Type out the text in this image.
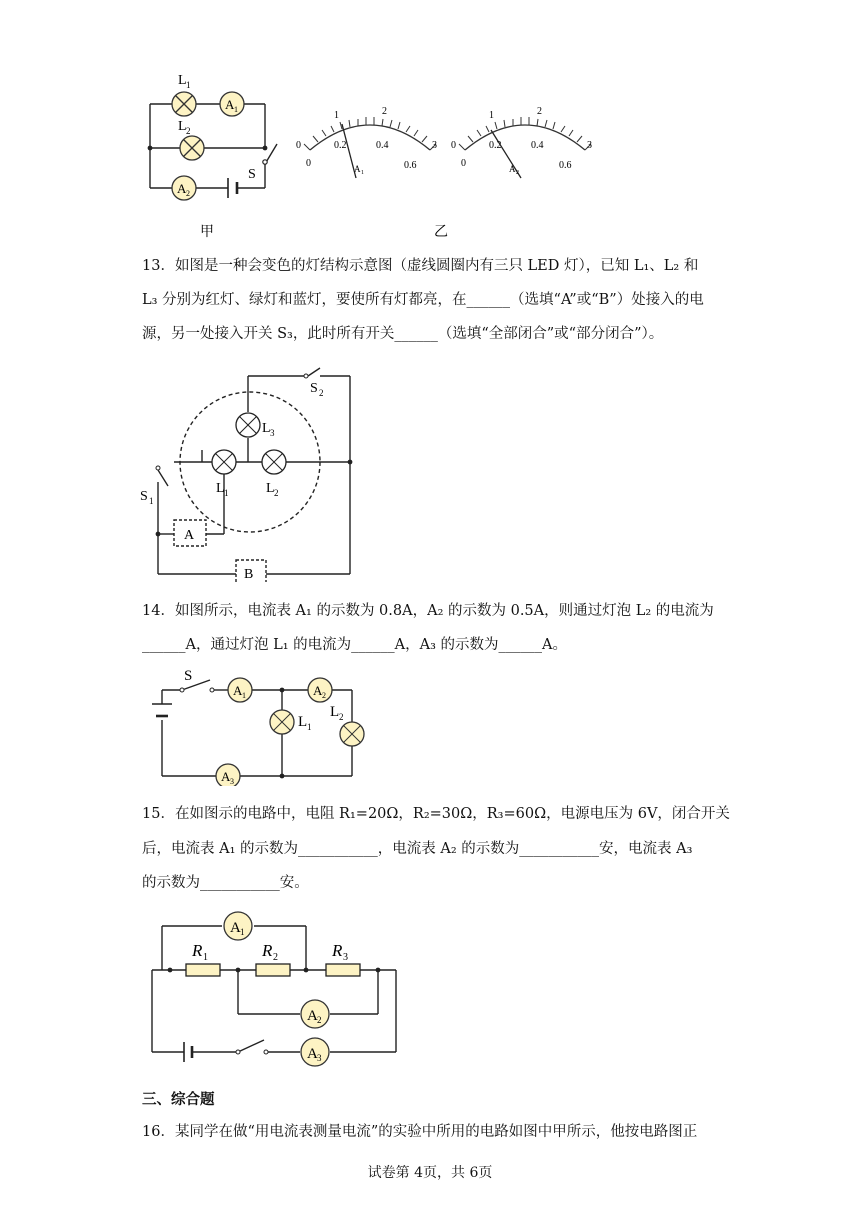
A 1
A 2
L 1
L 2
S
甲
0
1	2
3
0
0.2	0.4
0.6
A 1
0
1	2
3
0
0.2	0.4
0.6
A 2
乙
13．如图是一种会变色的灯结构示意图（虚线圆圈内有三只 LED 灯），已知 L₁、L₂ 和
L₃ 分别为红灯、绿灯和蓝灯，要使所有灯都亮，在______（选填“A”或“B”）处接入的电
源，另一处接入开关 S₃，此时所有开关______（选填“全部闭合”或“部分闭合”）。
S 2
L 3
L 1	L 2
S 1
A
B
14．如图所示，电流表 A₁ 的示数为 0.8A，A₂ 的示数为 0.5A，则通过灯泡 L₂ 的电流为
______A，通过灯泡 L₁ 的电流为______A，A₃ 的示数为______A。
A 1	A 2
A 3
S
L 1
L 2
15．在如图示的电路中，电阻 R₁=20Ω，R₂=30Ω，R₃=60Ω，电源电压为 6V，闭合开关
后，电流表 A₁ 的示数为___________，电流表 A₂ 的示数为___________安，电流表 A₃
的示数为___________安。
A 1
A 2
A 3
R 1	R 2	R 3
三、综合题
16．某同学在做“用电流表测量电流”的实验中所用的电路如图中甲所示，他按电路图正
试卷第 4页，共 6页
